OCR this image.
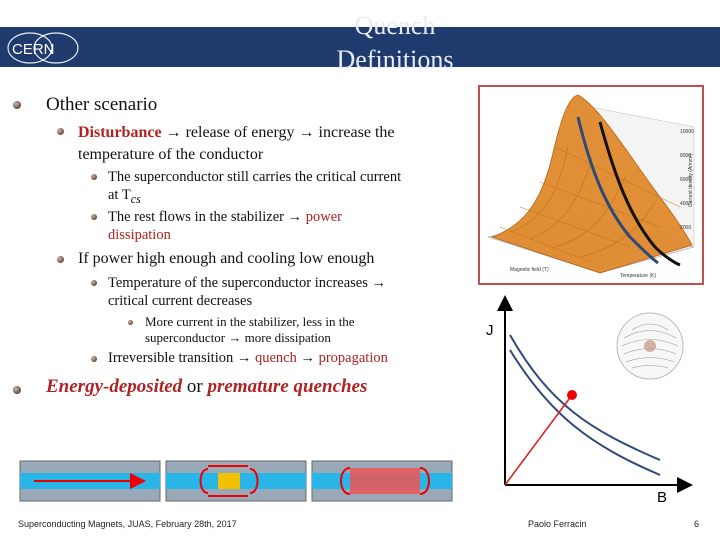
CERN
Quench Definitions
Other scenario
Disturbance → release of energy → increase the
temperature of the conductor
The superconductor still carries the critical current
at $T_{cs}$
The rest flows in the stabilizer → power
dissipation
If power high enough and cooling low enough
Temperature of the superconductor increases →
critical current decreases
More current in the stabilizer, less in the
superconductor → more dissipation
Irreversible transition → quench → propagation
Energy-deposited or premature quenches
10000
8000
6000
4000
2000
Magnetic field (T)
Temperature (K)
Current density (A/mm²)
J
B
Superconducting Magnets, JUAS, February 28th, 2017	Paolo Ferracin	6
